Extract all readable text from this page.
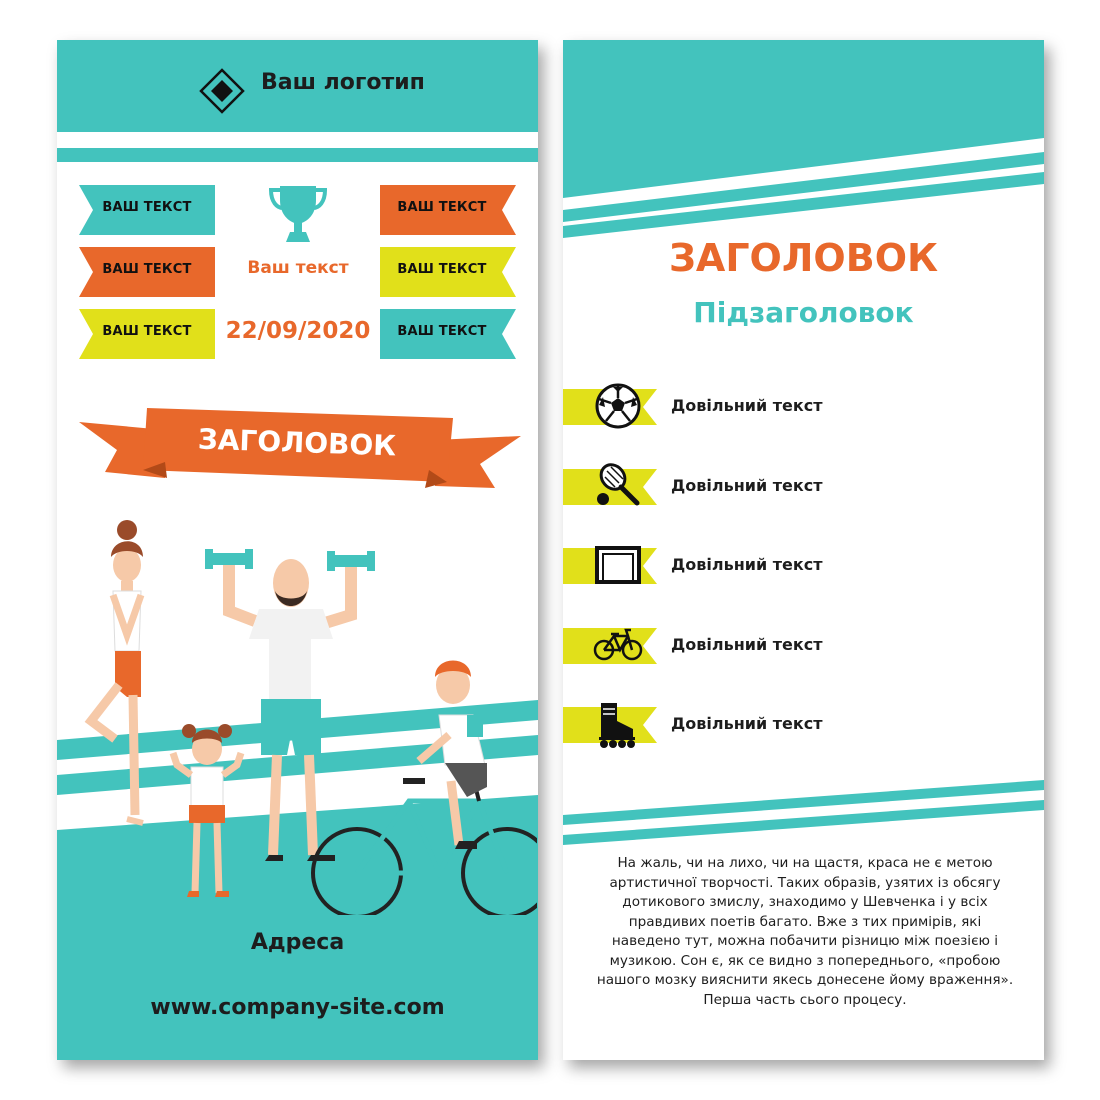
Ваш логотип
ВАШ ТЕКСТ
ВАШ ТЕКСТ
ВАШ ТЕКСТ
ВАШ ТЕКСТ
ВАШ ТЕКСТ
ВАШ ТЕКСТ
Ваш текст
22/09/2020
ЗАГОЛОВОК
Адреса
www.company-site.com
ЗАГОЛОВОК
Підзаголовок
Довільний текст
Довільний текст
Довільний текст
Довільний текст
Довільний текст
На жаль, чи на лихо, чи на щастя, краса не є метою артистичної творчості. Таких образів, узятих із обсягу дотикового змислу, знаходимо у Шевченка і у всіх правдивих поетів багато. Вже з тих примірів, які наведено тут, можна побачити різницю між поезією і музикою. Сон є, як се видно з попереднього, «пробою нашого мозку вияснити якесь донесене йому враження». Перша часть сього процесу.
